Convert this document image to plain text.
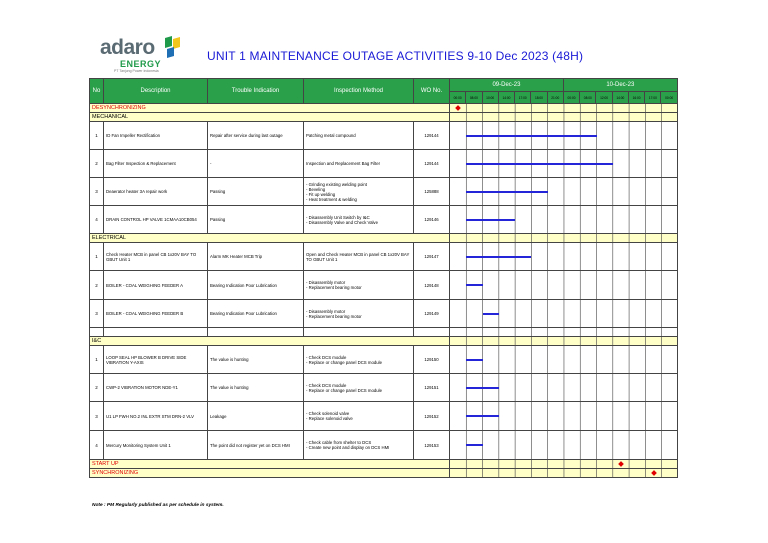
adaro
ENERGY
PT Tanjung Power Indonesia
UNIT 1 MAINTENANCE OUTAGE ACTIVITIES 9-10 Dec 2023 (48H)
No	Description	Trouble Indication	Inspection Method	WO No.	09-Dec-23							10-Dec-23						
					00:00	08:00	10:00	14:00	17:00	18:00	21:00	00:00	08:00	12:00	14:00	16:00	17:00	00:00
DESYNCHRONIZING	

MECHANICAL	

1	ID Fan Impeller Rectification	Repair after service during last outage	Patching metal compound	129144	

2	Bag Filter Inspection & Replacement	-	Inspection and Replacement Bag Filter	129144	

3	Deaerator heater 3A repair work	Passing	- Grinding existing welding point
- Beveling
- Fit up welding
- Heat treatment & welding	125888	

4	DRAIN CONTROL HP VALVE 1CMAA10CB054	Passing	- Disassembly Unit Switch by I&C
- Disassembly Valve and Check Valve	129146	

ELECTRICAL	

1	Check Heater MCB in panel CB 1x20V BAY TO GBUT Unit 1	Alarm MK Heater MCB Trip	Open and Check Heater MCB in panel CB 1x20V BAY TO GBUT Unit 1	129147	

2	BOILER - COAL WEIGHING FEEDER A	Bearing Indication Poor Lubrication	- Disassembly motor
- Replacement bearing motor	129148	

3	BOILER - COAL WEIGHING FEEDER B	Bearing Indication Poor Lubrication	- Disassembly motor
- Replacement bearing motor	129149	

I&C	

1	LOOP SEAL HP BLOWER B DRIVE SIDE VIBRATION Y-AXIS	The value is hunting	- Check DCS module
- Replace or change panel DCS module	129150	

2	CWP-2 VIBRATION MOTOR NDE-Y1	The value is hunting	- Check DCS module
- Replace or change panel DCS module	129151	

3	U1 LP FWH NO.2 INL EXTR STM DRN-2 VLV	Leakage	- Check solenoid valve
- Replace solenoid valve	129152	

4	Mercury Monitoring System Unit 1	The point did not register yet on DCS HMI	- Check cable from shelter to DCS
- Create new point and display on DCS HMI	129153	

START UP	

SYNCHRONIZING	
Note : PM Regularly published as per schedule in system.
